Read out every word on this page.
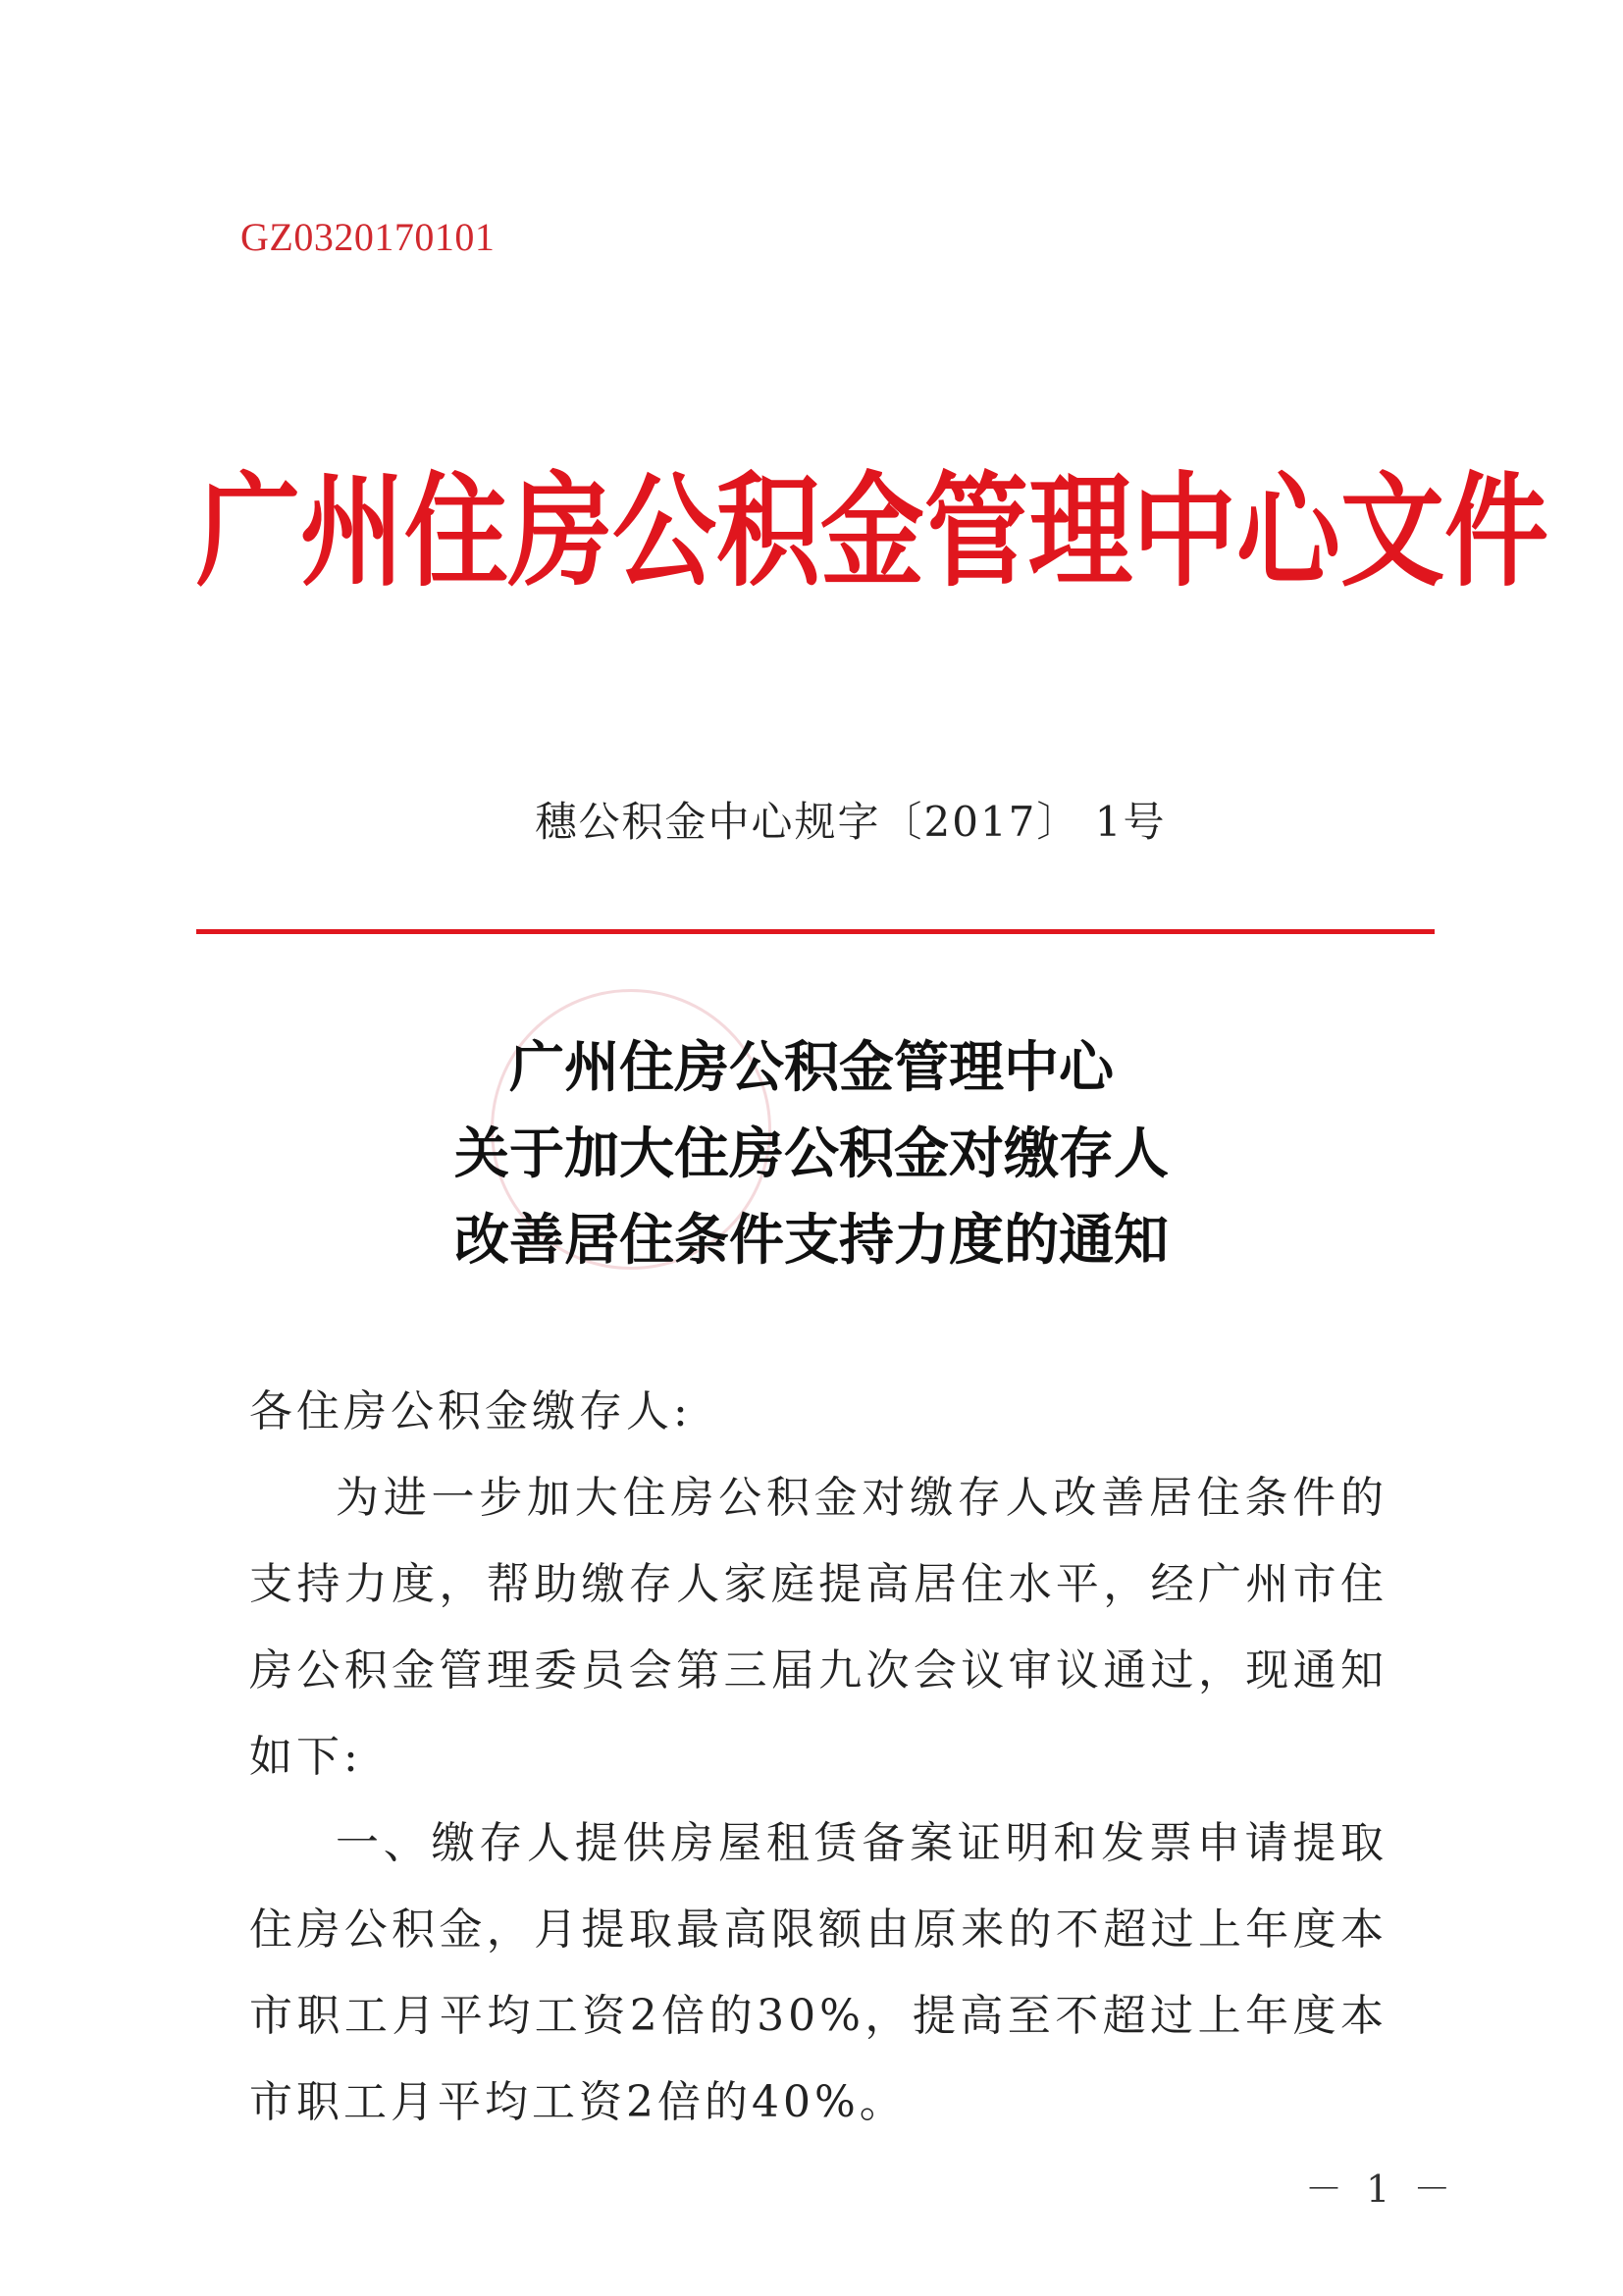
GZ0320170101
广 州 住 房 公 积 金 管 理 中 心 文 件
穗公积金中心规字〔2017〕 1号
广州住房公积金管理中心
关于加大住房公积金对缴存人
改善居住条件支持力度的通知
各住房公积金缴存人:
为进一步加大住房公积金对缴存人改善居住条件的支持力度，帮助缴存人家庭提高居住水平，经广州市住房公积金管理委员会第三届九次会议审议通过，现通知如下:
一、缴存人提供房屋租赁备案证明和发票申请提取住房公积金，月提取最高限额由原来的不超过上年度本市职工月平均工资2倍的30%，提高至不超过上年度本市职工月平均工资2倍的40%。
－ 1 －
